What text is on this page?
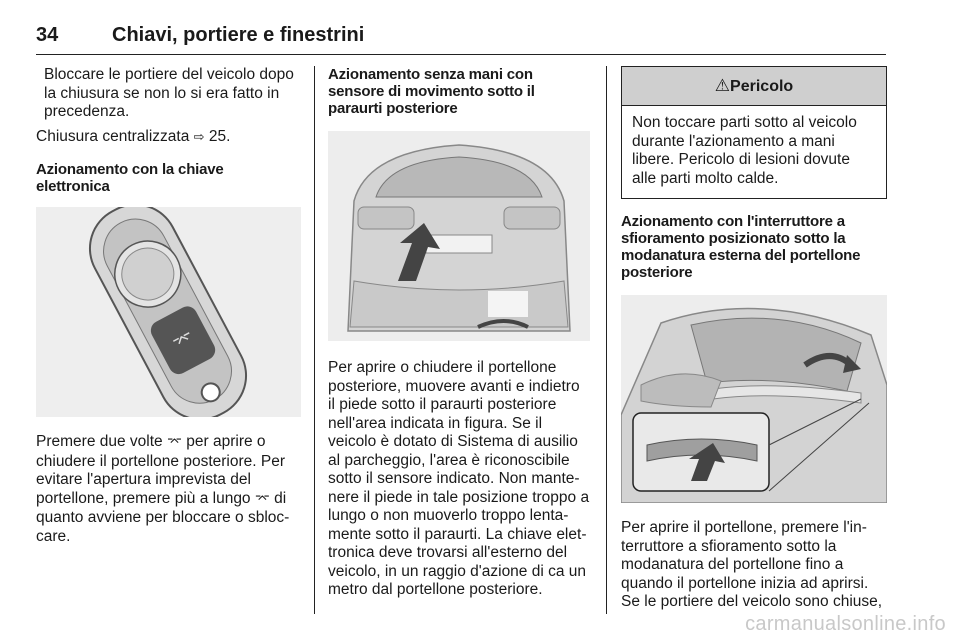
34	Chiavi, portiere e finestrini

Bloccare le portiere del veicolo dopo la chiusura se non lo si era fatto in precedenza.

Chiusura centralizzata ⇨ 25.

Azionamento con la chiave elettronica

⌤

Premere due volte ⌤ per aprire o chiudere il portellone posteriore. Per evitare l'apertura imprevista del portellone, premere più a lungo ⌤ di quanto avviene per bloccare o sbloccare.

Azionamento senza mani con sensore di movimento sotto il paraurti posteriore

Per aprire o chiudere il portellone posteriore, muovere avanti e indietro il piede sotto il paraurti posteriore nell'area indicata in figura. Se il veicolo è dotato di Sistema di ausilio al parcheggio, l'area è riconoscibile sotto il sensore indicato. Non mantenere il piede in tale posizione troppo a lungo o non muoverlo troppo lentamente sotto il paraurti. La chiave elettronica deve trovarsi all'esterno del veicolo, in un raggio d'azione di ca un metro dal portellone posteriore.

⚠Pericolo
Non toccare parti sotto al veicolo durante l'azionamento a mani libere. Pericolo di lesioni dovute alle parti molto calde.

Azionamento con l'interruttore a sfioramento posizionato sotto la modanatura esterna del portellone posteriore

Per aprire il portellone, premere l'interruttore a sfioramento sotto la modanatura del portellone fino a quando il portellone inizia ad aprirsi. Se le portiere del veicolo sono chiuse,

carmanualsonline.info
